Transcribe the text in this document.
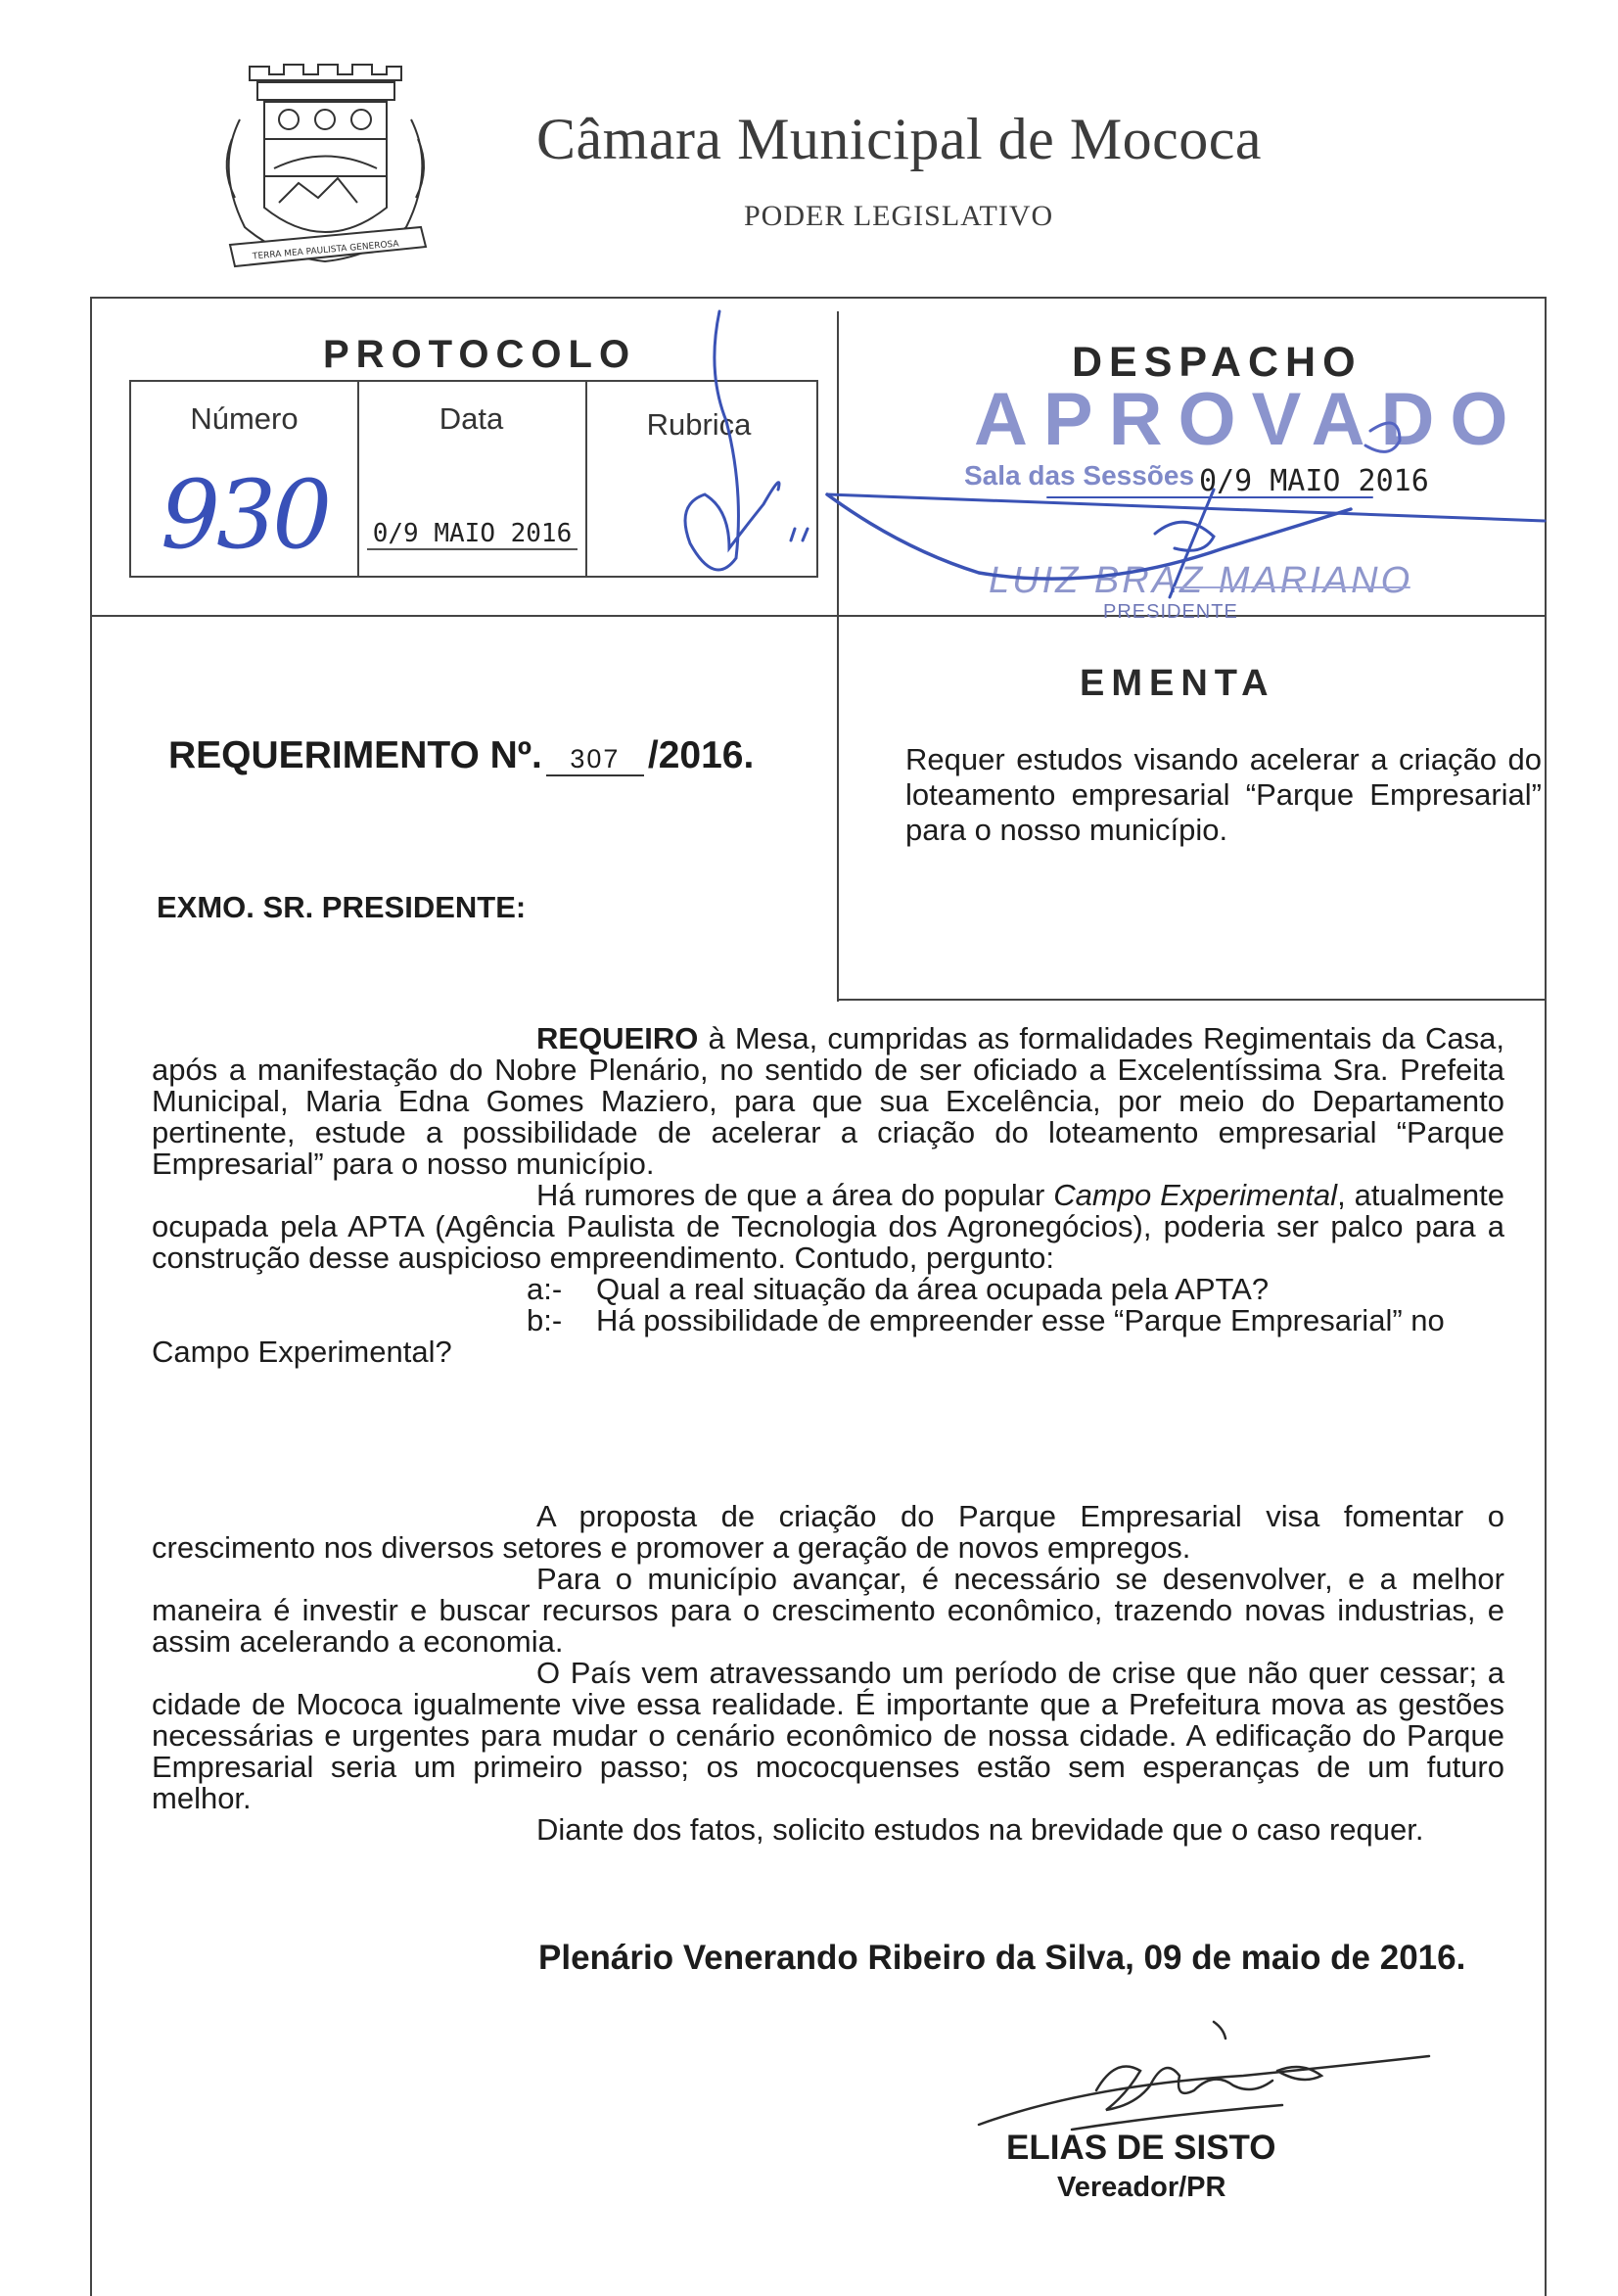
TERRA MEA PAULISTA GENEROSA
Câmara Municipal de Mococa
PODER LEGISLATIVO
PROTOCOLO
Número
930
Data
0/9 MAIO 2016
Rubrica
DESPACHO
APROVADO
Sala das Sessões 0/9 MAIO 2016
LUIZ BRAZ MARIANO
PRESIDENTE
EMENTA
Requer estudos visando acelerar a criação do loteamento empresarial “Parque Empresarial” para o nosso município.
REQUERIMENTO Nº. 307 /2016.
EXMO. SR. PRESIDENTE:

REQUEIRO à Mesa, cumpridas as formalidades Regimentais da Casa, após a manifestação do Nobre Plenário, no sentido de ser oficiado a Excelentíssima Sra. Prefeita Municipal, Maria Edna Gomes Maziero, para que sua Excelência, por meio do Departamento pertinente, estude a possibilidade de acelerar a criação do loteamento empresarial “Parque Empresarial” para o nosso município.

Há rumores de que a área do popular Campo Experimental, atualmente ocupada pela APTA (Agência Paulista de Tecnologia dos Agronegócios), poderia ser palco para a construção desse auspicioso empreendimento. Contudo, pergunto:

a:- Qual a real situação da área ocupada pela APTA?

b:- Há possibilidade de empreender esse “Parque Empresarial” no

Campo Experimental?

A proposta de criação do Parque Empresarial visa fomentar o crescimento nos diversos setores e promover a geração de novos empregos.

Para o município avançar, é necessário se desenvolver, e a melhor maneira é investir e buscar recursos para o crescimento econômico, trazendo novas industrias, e assim acelerando a economia.

O País vem atravessando um período de crise que não quer cessar; a cidade de Mococa igualmente vive essa realidade. É importante que a Prefeitura mova as gestões necessárias e urgentes para mudar o cenário econômico de nossa cidade. A edificação do Parque Empresarial seria um primeiro passo; os mococquenses estão sem esperanças de um futuro melhor.

Diante dos fatos, solicito estudos na brevidade que o caso requer.

Plenário Venerando Ribeiro da Silva, 09 de maio de 2016.
ELIAS DE SISTO
Vereador/PR
